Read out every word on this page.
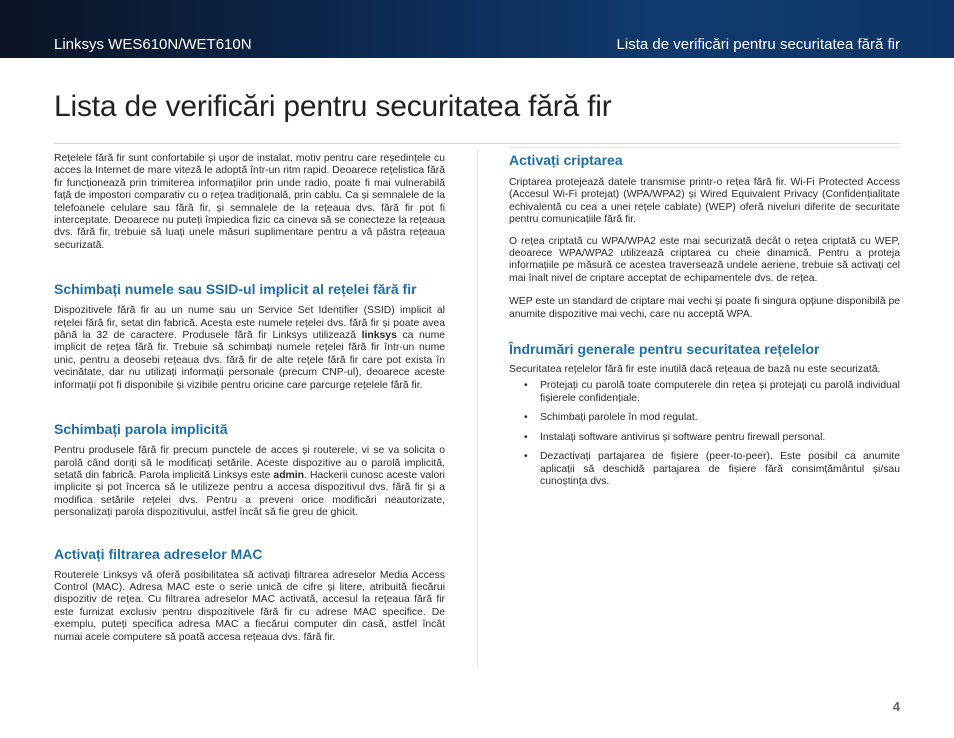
Linksys WES610N/WET610N	Lista de verificări pentru securitatea fără fir
Lista de verificări pentru securitatea fără fir

Rețelele fără fir sunt confortabile și ușor de instalat, motiv pentru care reședințele cu acces la Internet de mare viteză le adoptă într-un ritm rapid. Deoarece rețelistica fără fir funcționează prin trimiterea informațiilor prin unde radio, poate fi mai vulnerabilă față de impostori comparativ cu o rețea tradițională, prin cablu. Ca și semnalele de la telefoanele celulare sau fără fir, și semnalele de la rețeaua dvs. fără fir pot fi interceptate. Deoarece nu puteți împiedica fizic ca cineva să se conecteze la rețeaua dvs. fără fir, trebuie să luați unele măsuri suplimentare pentru a vă păstra rețeaua securizată.

Schimbați numele sau SSID-ul implicit al rețelei fără fir

Dispozitivele fără fir au un nume sau un Service Set Identifier (SSID) implicit al rețelei fără fir, setat din fabrică. Acesta este numele rețelei dvs. fără fir și poate avea până la 32 de caractere. Produsele fără fir Linksys utilizează linksys ca nume implicit de rețea fără fir. Trebuie să schimbați numele rețelei fără fir într-un nume unic, pentru a deosebi rețeaua dvs. fără fir de alte rețele fără fir care pot exista în vecinătate, dar nu utilizați informații personale (precum CNP-ul), deoarece aceste informații pot fi disponibile și vizibile pentru oricine care parcurge rețelele fără fir.

Schimbați parola implicită

Pentru produsele fără fir precum punctele de acces și routerele, vi se va solicita o parolă când doriți să le modificați setările. Aceste dispozitive au o parolă implicită, setată din fabrică. Parola implicită Linksys este admin. Hackerii cunosc aceste valori implicite și pot încerca să le utilizeze pentru a accesa dispozitivul dvs. fără fir și a modifica setările rețelei dvs. Pentru a preveni orice modificări neautorizate, personalizați parola dispozitivului, astfel încât să fie greu de ghicit.

Activați filtrarea adreselor MAC

Routerele Linksys vă oferă posibilitatea să activați filtrarea adreselor Media Access Control (MAC). Adresa MAC este o serie unică de cifre și litere, atribuită fiecărui dispozitiv de rețea. Cu filtrarea adreselor MAC activată, accesul la rețeaua fără fir este furnizat exclusiv pentru dispozitivele fără fir cu adrese MAC specifice. De exemplu, puteți specifica adresa MAC a fiecărui computer din casă, astfel încât numai acele computere să poată accesa rețeaua dvs. fără fir.

Activați criptarea

Criptarea protejează datele transmise printr-o rețea fără fir. Wi-Fi Protected Access (Accesul Wi-Fi protejat) (WPA/WPA2) și Wired Equivalent Privacy (Confidențialitate echivalentă cu cea a unei rețele cablate) (WEP) oferă niveluri diferite de securitate pentru comunicațiile fără fir.

O rețea criptată cu WPA/WPA2 este mai securizată decât o rețea criptată cu WEP, deoarece WPA/WPA2 utilizează criptarea cu cheie dinamică. Pentru a proteja informațiile pe măsură ce acestea traversează undele aeriene, trebuie să activați cel mai înalt nivel de criptare acceptat de echipamentele dvs. de rețea.

WEP este un standard de criptare mai vechi și poate fi singura opțiune disponibilă pe anumite dispozitive mai vechi, care nu acceptă WPA.

Îndrumări generale pentru securitatea rețelelor

Securitatea rețelelor fără fir este inutilă dacă rețeaua de bază nu este securizată.

• Protejați cu parolă toate computerele din rețea și protejați cu parolă individual fișierele confidențiale.
• Schimbați parolele în mod regulat.
• Instalați software antivirus și software pentru firewall personal.
• Dezactivați partajarea de fișiere (peer-to-peer). Este posibil ca anumite aplicații să deschidă partajarea de fișiere fără consimțământul și/sau cunoștința dvs.
4
